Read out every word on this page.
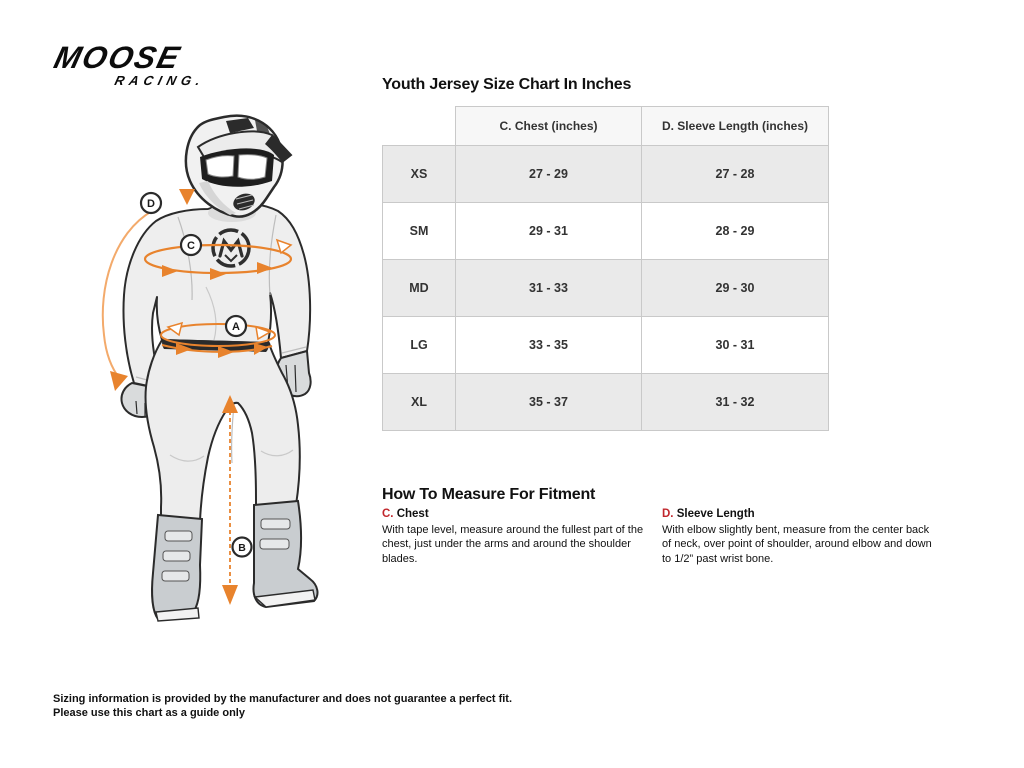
MOOSE
RACING.
D
C
A
B
Youth Jersey Size Chart In Inches
	C. Chest (inches)	D. Sleeve Length (inches)
XS	27 - 29	27 - 28
SM	29 - 31	28 - 29
MD	31 - 33	29 - 30
LG	33 - 35	30 - 31
XL	35 - 37	31 - 32
How To Measure For Fitment
C. Chest
With tape level, measure around the fullest part of the chest, just under the arms and around the shoulder blades.
D. Sleeve Length
With elbow slightly bent, measure from the center back of neck, over point of shoulder, around elbow and down to 1/2” past wrist bone.
Sizing information is provided by the manufacturer and does not guarantee a perfect fit.
Please use this chart as a guide only
